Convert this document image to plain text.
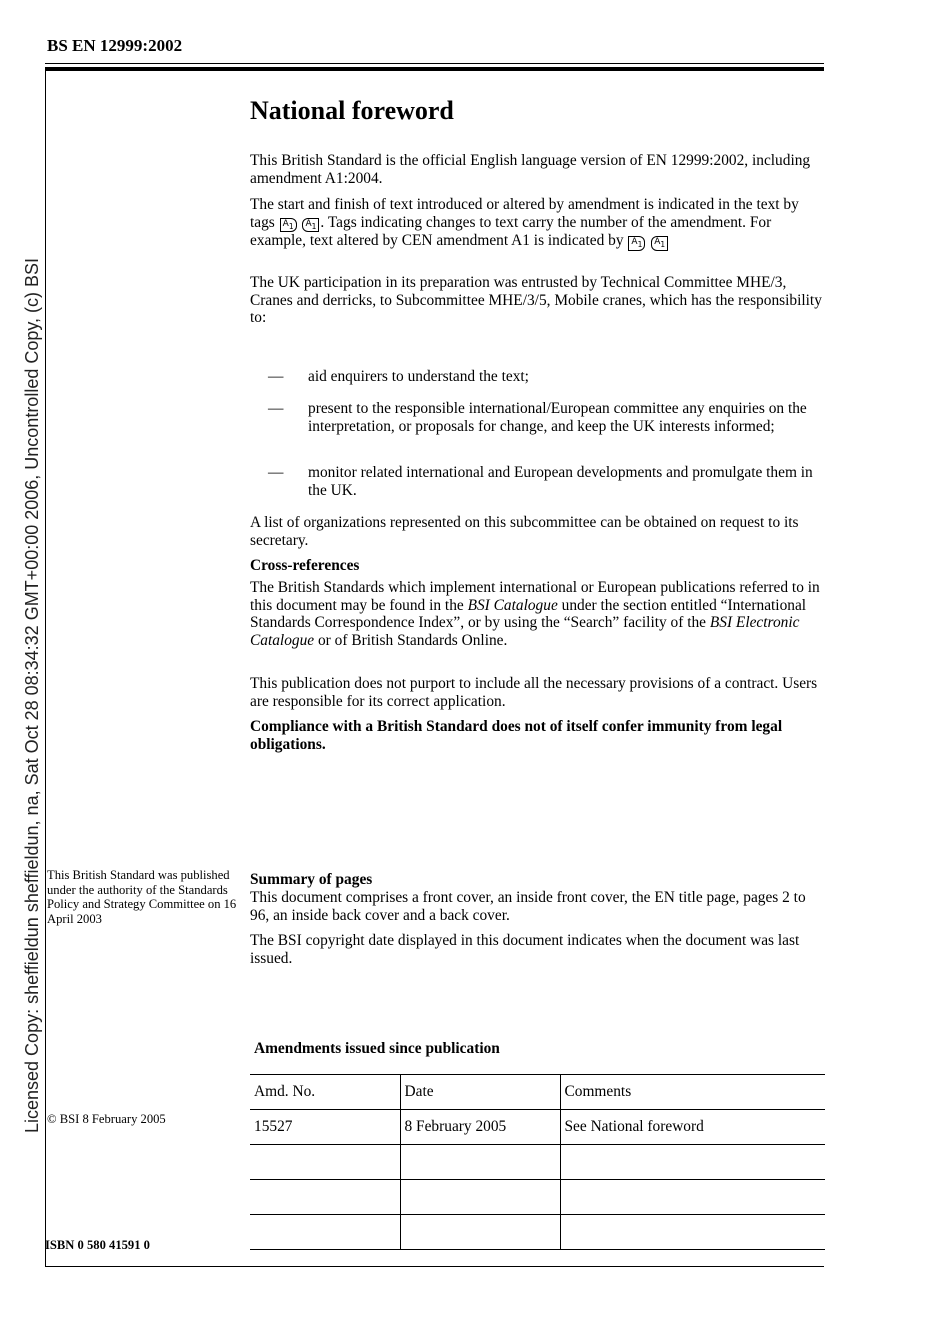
BS EN 12999:2002
Licensed Copy: sheffieldun sheffieldun, na, Sat Oct 28 08:34:32 GMT+00:00 2006, Uncontrolled Copy, (c) BSI
National foreword

This British Standard is the official English language version of EN 12999:2002, including amendment A1:2004.

The start and finish of text introduced or altered by amendment is indicated in the text by tags $A_1$ $A_1$ . Tags indicating changes to text carry the number of the amendment. For example, text altered by CEN amendment A1 is indicated by $A_1$ $A_1$

The UK participation in its preparation was entrusted by Technical Committee MHE/3, Cranes and derricks, to Subcommittee MHE/3/5, Mobile cranes, which has the responsibility to:

— aid enquirers to understand the text;
— present to the responsible international/European committee any enquiries on the interpretation, or proposals for change, and keep the UK interests informed;
— monitor related international and European developments and promulgate them in the UK.

A list of organizations represented on this subcommittee can be obtained on request to its secretary.

Cross-references

The British Standards which implement international or European publications referred to in this document may be found in the BSI Catalogue under the section entitled “International Standards Correspondence Index”, or by using the “Search” facility of the BSI Electronic Catalogue or of British Standards Online.

This publication does not purport to include all the necessary provisions of a contract. Users are responsible for its correct application.

Compliance with a British Standard does not of itself confer immunity from legal obligations.

This British Standard was published under the authority of the Standards Policy and Strategy Committee on 16 April 2003
Summary of pages

This document comprises a front cover, an inside front cover, the EN title page, pages 2 to 96, an inside back cover and a back cover.

The BSI copyright date displayed in this document indicates when the document was last issued.

Amendments issued since publication
Amd. No.	Date	Comments
15527	8 February 2005	See National foreword

© BSI 8 February 2005
ISBN 0 580 41591 0
